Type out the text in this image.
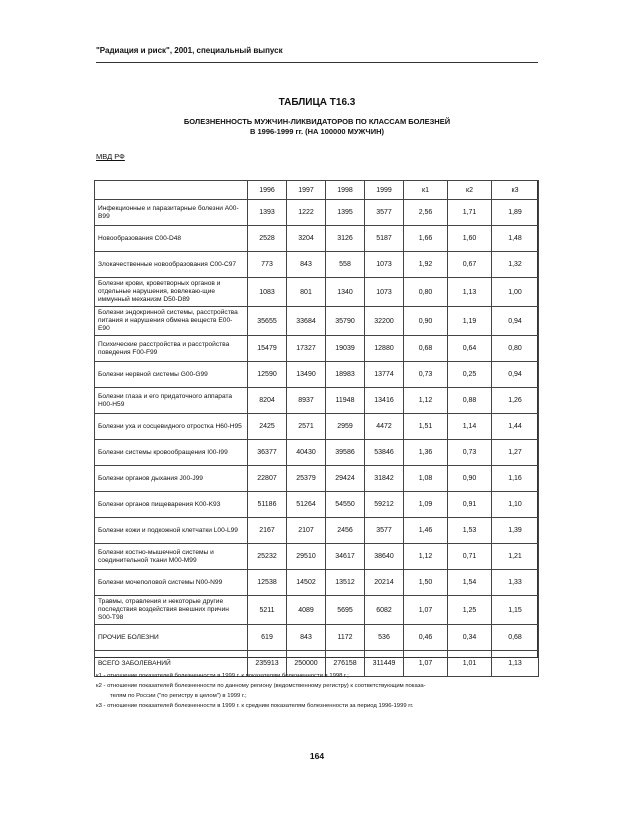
"Радиация и риск", 2001, специальный выпуск
ТАБЛИЦА Т16.3
БОЛЕЗНЕННОСТЬ МУЖЧИН-ЛИКВИДАТОРОВ ПО КЛАССАМ БОЛЕЗНЕЙ
В 1996-1999 гг. (НА 100000 МУЖЧИН)
МВД РФ
	1996	1997	1998	1999	к1	к2	к3
Инфекционные и паразитарные болезни A00-B99	1393	1222	1395	3577	2,56	1,71	1,89
Новообразования C00-D48	2528	3204	3126	5187	1,66	1,60	1,48
Злокачественные новообразования C00-C97	773	843	558	1073	1,92	0,67	1,32
Болезни крови, кроветворных органов и отдельные нарушения, вовлекаю-щие иммунный механизм D50-D89	1083	801	1340	1073	0,80	1,13	1,00
Болезни эндокринной системы, расстройства питания и нарушения обмена веществ E00-E90	35655	33684	35790	32200	0,90	1,19	0,94
Психические расстройства и расстройства поведения F00-F99	15479	17327	19039	12880	0,68	0,64	0,80
Болезни нервной системы G00-G99	12590	13490	18983	13774	0,73	0,25	0,94
Болезни глаза и его придаточного аппарата H00-H59	8204	8937	11948	13416	1,12	0,88	1,26
Болезни уха и сосцевидного отростка H60-H95	2425	2571	2959	4472	1,51	1,14	1,44
Болезни системы кровообращения I00-I99	36377	40430	39586	53846	1,36	0,73	1,27
Болезни органов дыхания J00-J99	22807	25379	29424	31842	1,08	0,90	1,16
Болезни органов пищеварения K00-K93	51186	51264	54550	59212	1,09	0,91	1,10
Болезни кожи и подкожной клетчатки L00-L99	2167	2107	2456	3577	1,46	1,53	1,39
Болезни костно-мышечной системы и соединительной ткани M00-M99	25232	29510	34617	38640	1,12	0,71	1,21
Болезни мочеполовой системы N00-N99	12538	14502	13512	20214	1,50	1,54	1,33
Травмы, отравления и некоторые другие последствия воздействия внешних причин S00-T98	5211	4089	5695	6082	1,07	1,25	1,15
ПРОЧИЕ БОЛЕЗНИ	619	843	1172	536	0,46	0,34	0,68
ВСЕГО ЗАБОЛЕВАНИЙ	235913	250000	276158	311449	1,07	1,01	1,13
к1 - отношение показателей болезненности в 1999 г. к показателям болезненности в 1998 г.;
к2 - отношение показателей болезненности по данному региону (ведомственному регистру) к соответствующим показа-
телям по России ("по регистру в целом") в 1999 г.;
к3 - отношение показателей болезненности в 1999 г. к средним показателям болезненности за период 1996-1999 гг.
164
